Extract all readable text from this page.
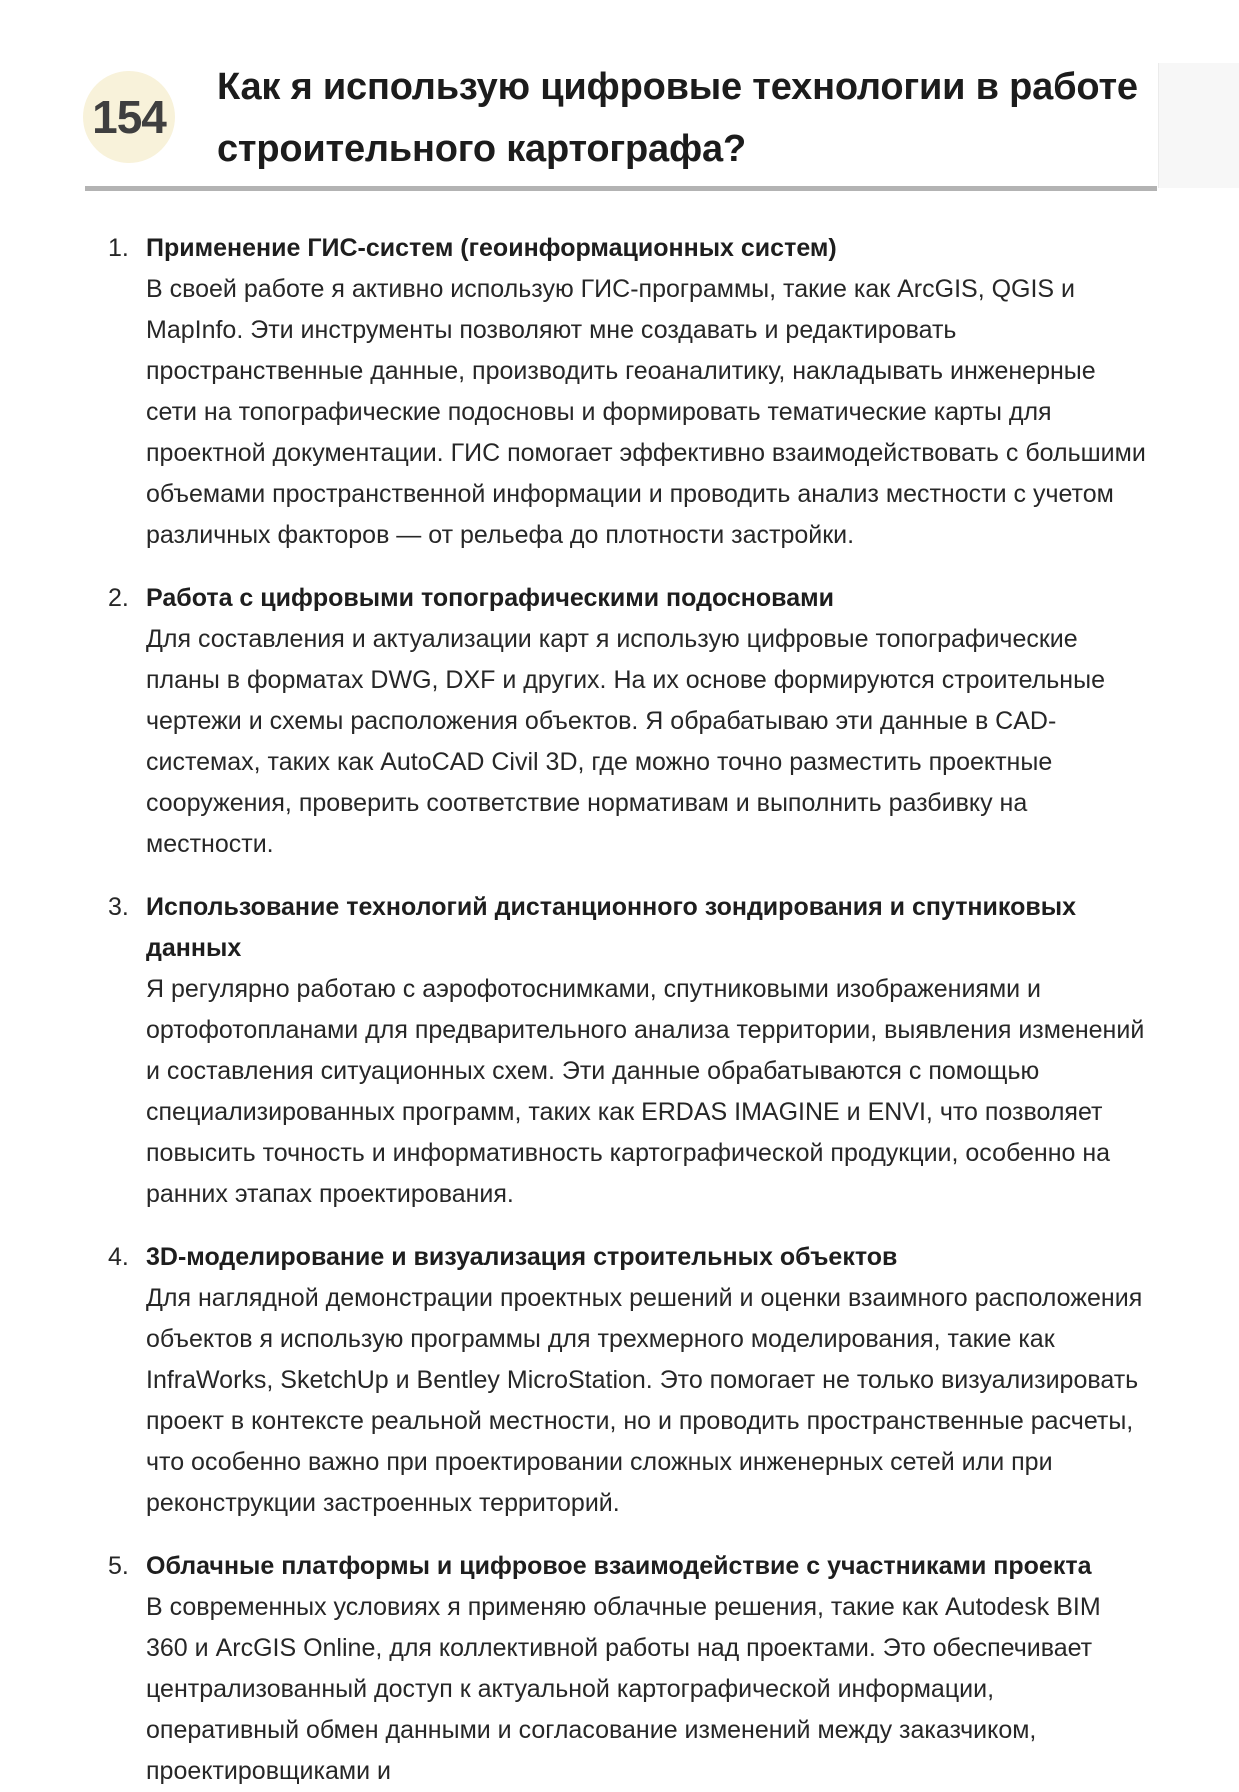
154
Как я использую цифровые технологии в работе строительного картографа?
1. Применение ГИС-систем (геоинформационных систем)
В своей работе я активно использую ГИС-программы, такие как ArcGIS, QGIS и MapInfo. Эти инструменты позволяют мне создавать и редактировать пространственные данные, производить геоаналитику, накладывать инженерные сети на топографические подосновы и формировать тематические карты для проектной документации. ГИС помогает эффективно взаимодействовать с большими объемами пространственной информации и проводить анализ местности с учетом различных факторов — от рельефа до плотности застройки.
2. Работа с цифровыми топографическими подосновами
Для составления и актуализации карт я использую цифровые топографические планы в форматах DWG, DXF и других. На их основе формируются строительные чертежи и схемы расположения объектов. Я обрабатываю эти данные в CAD-системах, таких как AutoCAD Civil 3D, где можно точно разместить проектные сооружения, проверить соответствие нормативам и выполнить разбивку на местности.
3. Использование технологий дистанционного зондирования и спутниковых данных
Я регулярно работаю с аэрофотоснимками, спутниковыми изображениями и ортофотопланами для предварительного анализа территории, выявления изменений и составления ситуационных схем. Эти данные обрабатываются с помощью специализированных программ, таких как ERDAS IMAGINE и ENVI, что позволяет повысить точность и информативность картографической продукции, особенно на ранних этапах проектирования.
4. 3D-моделирование и визуализация строительных объектов
Для наглядной демонстрации проектных решений и оценки взаимного расположения объектов я использую программы для трехмерного моделирования, такие как InfraWorks, SketchUp и Bentley MicroStation. Это помогает не только визуализировать проект в контексте реальной местности, но и проводить пространственные расчеты, что особенно важно при проектировании сложных инженерных сетей или при реконструкции застроенных территорий.
5. Облачные платформы и цифровое взаимодействие с участниками проекта
В современных условиях я применяю облачные решения, такие как Autodesk BIM 360 и ArcGIS Online, для коллективной работы над проектами. Это обеспечивает централизованный доступ к актуальной картографической информации, оперативный обмен данными и согласование изменений между заказчиком, проектировщиками и
